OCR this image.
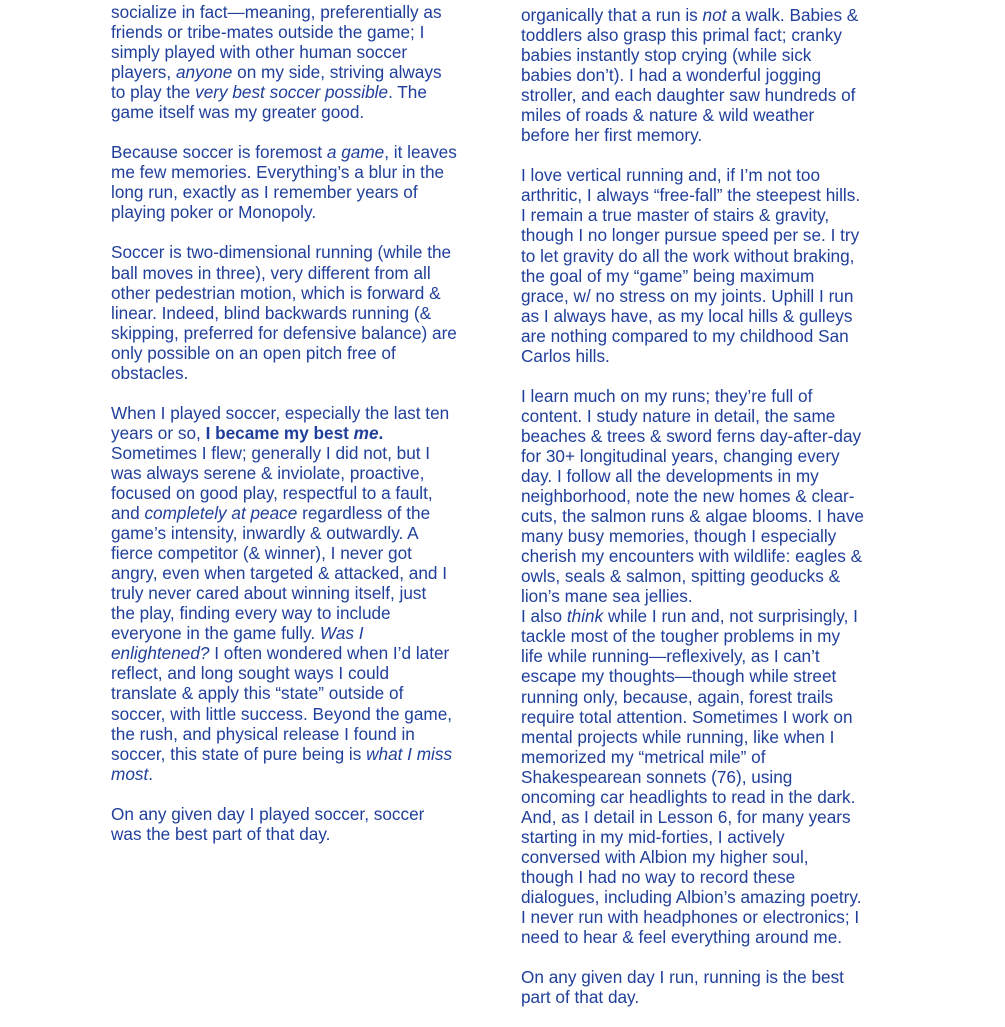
socialize in fact—meaning, preferentially as
friends or tribe-mates outside the game; I
simply played with other human soccer
players, anyone on my side, striving always
to play the very best soccer possible. The
game itself was my greater good.
Because soccer is foremost a game, it leaves
me few memories. Everything’s a blur in the
long run, exactly as I remember years of
playing poker or Monopoly.
Soccer is two-dimensional running (while the
ball moves in three), very different from all
other pedestrian motion, which is forward &
linear. Indeed, blind backwards running (&
skipping, preferred for defensive balance) are
only possible on an open pitch free of
obstacles.
When I played soccer, especially the last ten
years or so, I became my best me.
Sometimes I flew; generally I did not, but I
was always serene & inviolate, proactive,
focused on good play, respectful to a fault,
and completely at peace regardless of the
game’s intensity, inwardly & outwardly. A
fierce competitor (& winner), I never got
angry, even when targeted & attacked, and I
truly never cared about winning itself, just
the play, finding every way to include
everyone in the game fully. Was I
enlightened? I often wondered when I’d later
reflect, and long sought ways I could
translate & apply this “state” outside of
soccer, with little success. Beyond the game,
the rush, and physical release I found in
soccer, this state of pure being is what I miss
most.
On any given day I played soccer, soccer
was the best part of that day.
organically that a run is not a walk. Babies &
toddlers also grasp this primal fact; cranky
babies instantly stop crying (while sick
babies don’t). I had a wonderful jogging
stroller, and each daughter saw hundreds of
miles of roads & nature & wild weather
before her first memory.
I love vertical running and, if I’m not too
arthritic, I always “free-fall” the steepest hills.
I remain a true master of stairs & gravity,
though I no longer pursue speed per se. I try
to let gravity do all the work without braking,
the goal of my “game” being maximum
grace, w/ no stress on my joints. Uphill I run
as I always have, as my local hills & gulleys
are nothing compared to my childhood San
Carlos hills.
I learn much on my runs; they’re full of
content. I study nature in detail, the same
beaches & trees & sword ferns day-after-day
for 30+ longitudinal years, changing every
day. I follow all the developments in my
neighborhood, note the new homes & clear-
cuts, the salmon runs & algae blooms. I have
many busy memories, though I especially
cherish my encounters with wildlife: eagles &
owls, seals & salmon, spitting geoducks &
lion’s mane sea jellies.
I also think while I run and, not surprisingly, I
tackle most of the tougher problems in my
life while running—reflexively, as I can’t
escape my thoughts—though while street
running only, because, again, forest trails
require total attention. Sometimes I work on
mental projects while running, like when I
memorized my “metrical mile” of
Shakespearean sonnets (76), using
oncoming car headlights to read in the dark.
And, as I detail in Lesson 6, for many years
starting in my mid-forties, I actively
conversed with Albion my higher soul,
though I had no way to record these
dialogues, including Albion’s amazing poetry.
I never run with headphones or electronics; I
need to hear & feel everything around me.
On any given day I run, running is the best
part of that day.
